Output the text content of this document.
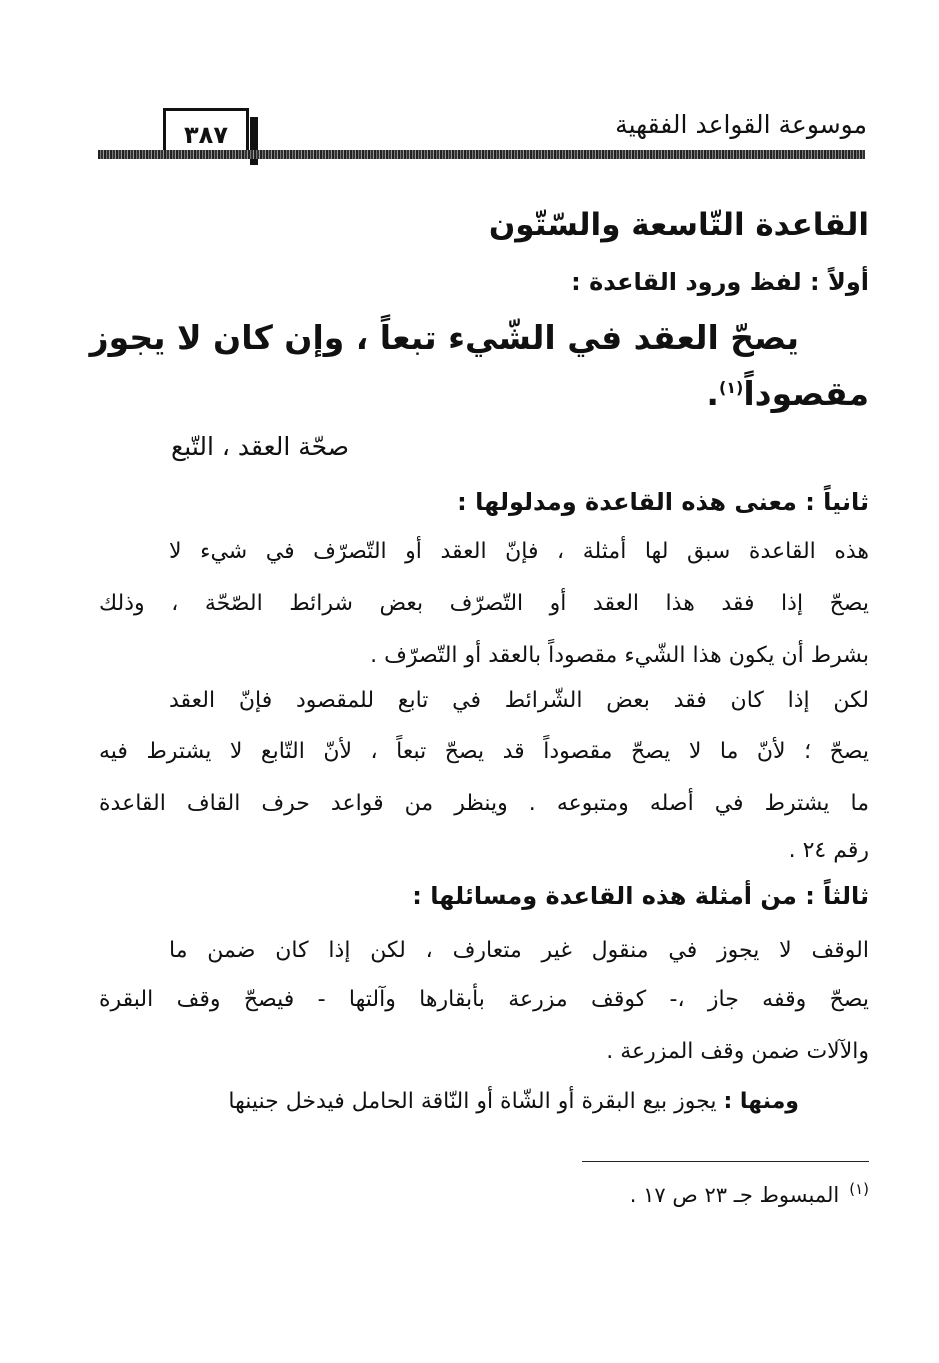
موسوعة القواعد الفقهية
٣٨٧
القاعدة التّاسعة والسّتّون
أولاً : لفظ ورود القاعدة :
يصحّ العقد في الشّيء تبعاً ، وإن كان لا يجوز
مقصوداً$^{(١)}$.
صحّة العقد ، التّبع
ثانياً : معنى هذه القاعدة ومدلولها :
هذه القاعدة سبق لها أمثلة ، فإنّ العقد أو التّصرّف في شيء لا
يصحّ إذا فقد هذا العقد أو التّصرّف بعض شرائط الصّحّة ، وذلك
بشرط أن يكون هذا الشّيء مقصوداً بالعقد أو التّصرّف .
لكن إذا كان فقد بعض الشّرائط في تابع للمقصود فإنّ العقد
يصحّ ؛ لأنّ ما لا يصحّ مقصوداً قد يصحّ تبعاً ، لأنّ التّابع لا يشترط فيه
ما يشترط في أصله ومتبوعه . وينظر من قواعد حرف القاف القاعدة
رقم ٢٤ .
ثالثاً : من أمثلة هذه القاعدة ومسائلها :
الوقف لا يجوز في منقول غير متعارف ، لكن إذا كان ضمن ما
يصحّ وقفه جاز ،- كوقف مزرعة بأبقارها وآلتها - فيصحّ وقف البقرة
والآلات ضمن وقف المزرعة .
ومنها : يجوز بيع البقرة أو الشّاة أو النّاقة الحامل فيدخل جنينها
$^{(١)}$المبسوط جـ ٢٣ ص ١٧ .
